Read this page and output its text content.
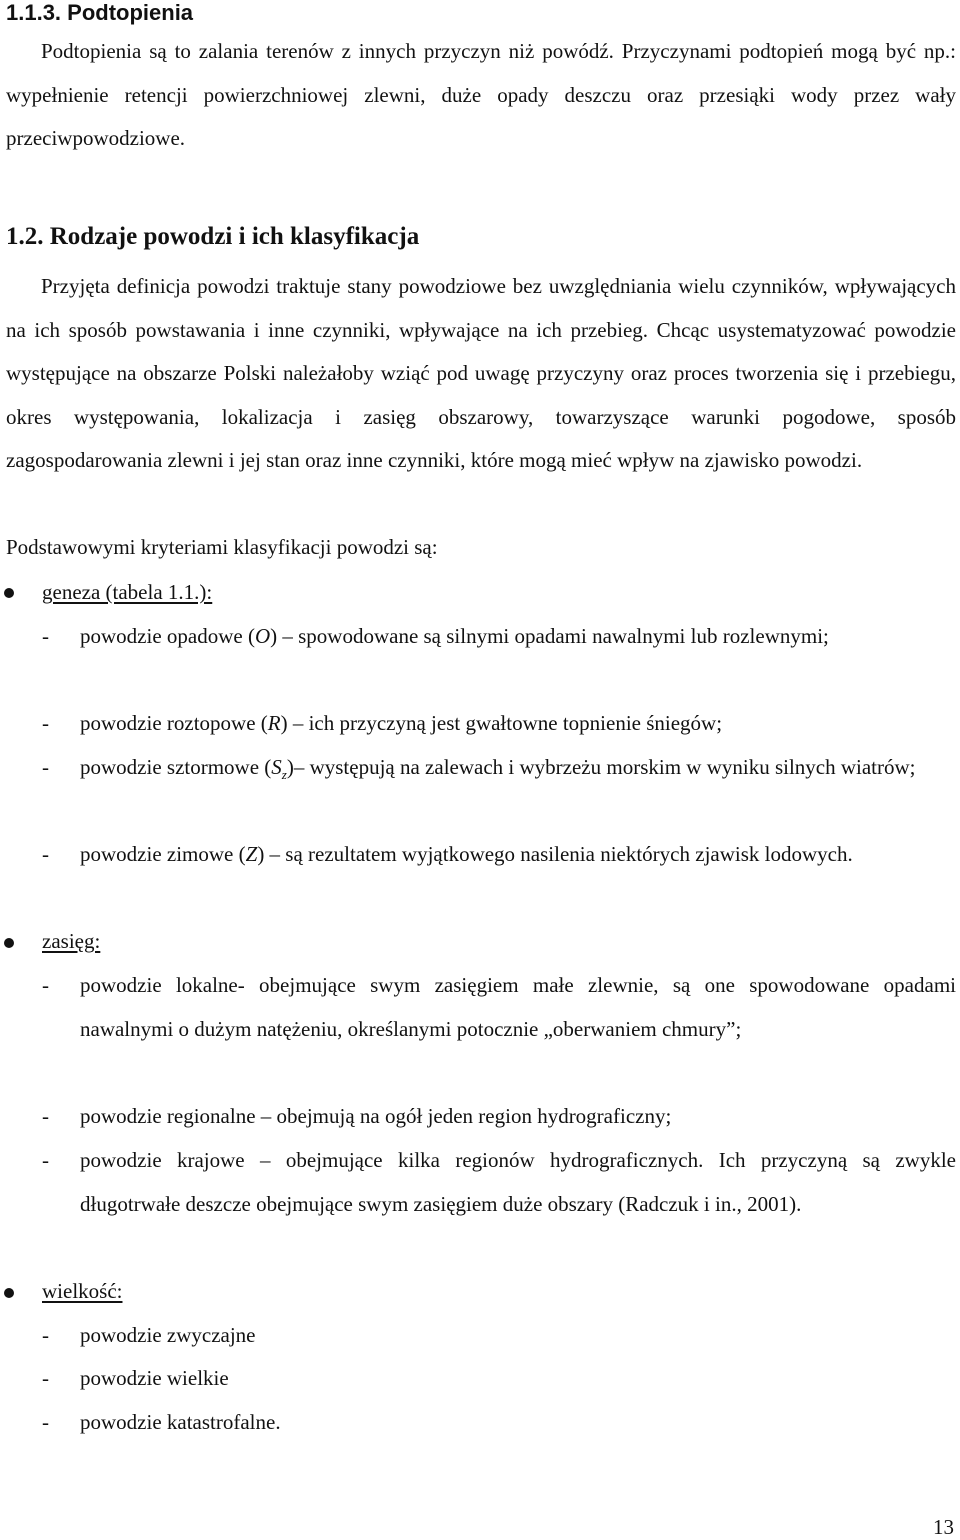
1.1.3. Podtopienia
Podtopienia są to zalania terenów z innych przyczyn niż powódź. Przyczynami podtopień mogą być np.: wypełnienie retencji powierzchniowej zlewni, duże opady deszczu oraz przesiąki wody przez wały przeciwpowodziowe.
1.2. Rodzaje powodzi i ich klasyfikacja
Przyjęta definicja powodzi traktuje stany powodziowe bez uwzględniania wielu czynników, wpływających na ich sposób powstawania i inne czynniki, wpływające na ich przebieg. Chcąc usystematyzować powodzie występujące na obszarze Polski należałoby wziąć pod uwagę przyczyny oraz proces tworzenia się i przebiegu, okres występowania, lokalizacja i zasięg obszarowy, towarzyszące warunki pogodowe, sposób zagospodarowania zlewni i jej stan oraz inne czynniki, które mogą mieć wpływ na zjawisko powodzi.
Podstawowymi kryteriami klasyfikacji powodzi są:
geneza (tabela 1.1.):
- powodzie opadowe (O) – spowodowane są silnymi opadami nawalnymi lub rozlewnymi;
- powodzie roztopowe (R) – ich przyczyną jest gwałtowne topnienie śniegów;
- powodzie sztormowe $(S_z)-$ występują na zalewach i wybrzeżu morskim w wyniku silnych wiatrów;
- powodzie zimowe (Z) – są rezultatem wyjątkowego nasilenia niektórych zjawisk lodowych.
zasięg:
- powodzie lokalne- obejmujące swym zasięgiem małe zlewnie, są one spowodowane opadami nawalnymi o dużym natężeniu, określanymi potocznie „oberwaniem chmury”;
- powodzie regionalne – obejmują na ogół jeden region hydrograficzny;
- powodzie krajowe – obejmujące kilka regionów hydrograficznych. Ich przyczyną są zwykle długotrwałe deszcze obejmujące swym zasięgiem duże obszary (Radczuk i in., 2001).
wielkość:
- powodzie zwyczajne
- powodzie wielkie
- powodzie katastrofalne.
13
